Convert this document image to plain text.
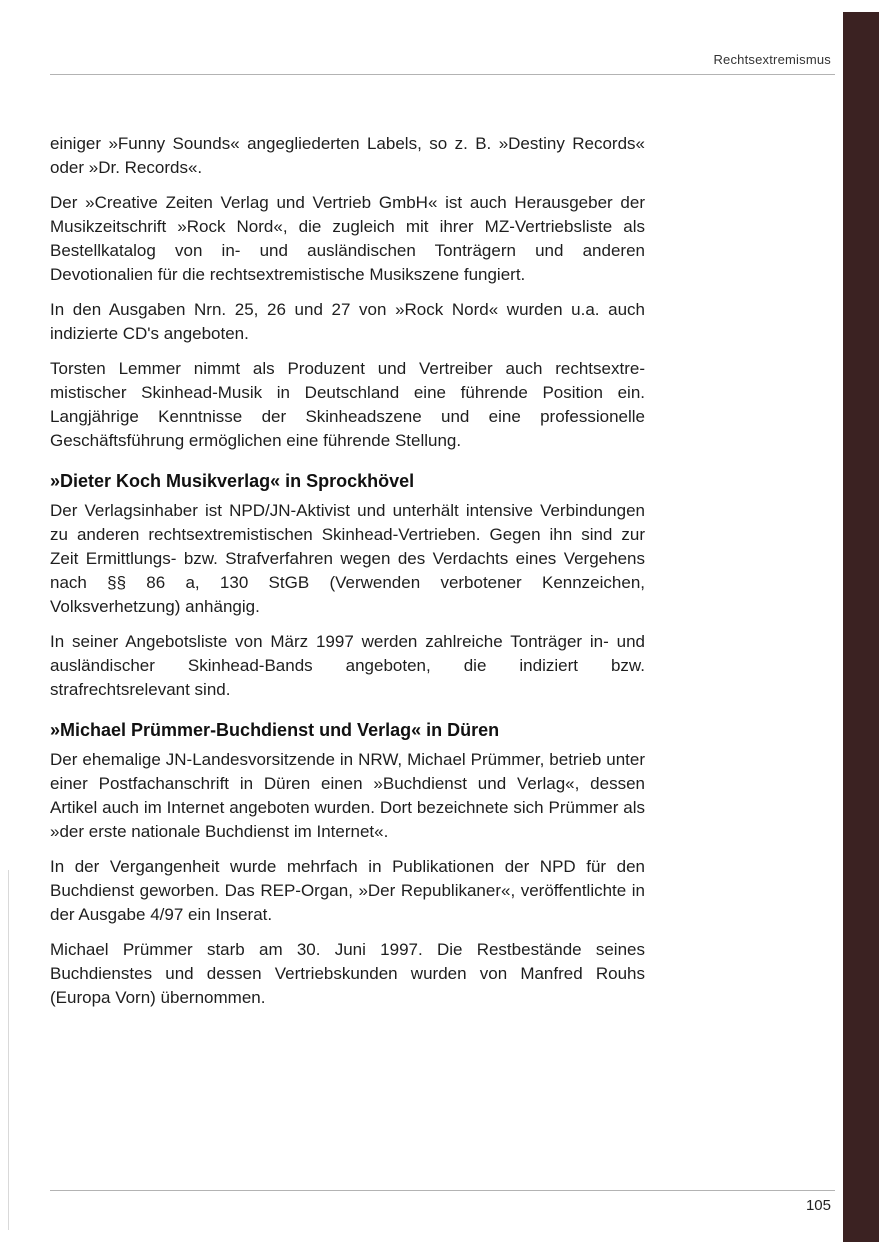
Rechtsextremismus

einiger »Funny Sounds« angegliederten Labels, so z. B. »Destiny Records« oder »Dr. Records«.

Der »Creative Zeiten Verlag und Vertrieb GmbH« ist auch Herausgeber der Musikzeitschrift »Rock Nord«, die zugleich mit ihrer MZ-Vertriebsliste als Bestellkatalog von in- und ausländischen Tonträgern und anderen Devotionalien für die rechtsextremistische Musikszene fungiert.

In den Ausgaben Nrn. 25, 26 und 27 von »Rock Nord« wurden u.a. auch indizierte CD's angeboten.

Torsten Lemmer nimmt als Produzent und Vertreiber auch rechtsextremistischer Skinhead-Musik in Deutschland eine führende Position ein. Langjährige Kenntnisse der Skinheadszene und eine professionelle Geschäftsführung ermöglichen eine führende Stellung.

»Dieter Koch Musikverlag« in Sprockhövel

Der Verlagsinhaber ist NPD/JN-Aktivist und unterhält intensive Verbindungen zu anderen rechtsextremistischen Skinhead-Vertrieben. Gegen ihn sind zur Zeit Ermittlungs- bzw. Strafverfahren wegen des Verdachts eines Vergehens nach §§ 86 a, 130 StGB (Verwenden verbotener Kennzeichen, Volksverhetzung) anhängig.

In seiner Angebotsliste von März 1997 werden zahlreiche Tonträger in- und ausländischer Skinhead-Bands angeboten, die indiziert bzw. strafrechtsrelevant sind.

»Michael Prümmer-Buchdienst und Verlag« in Düren

Der ehemalige JN-Landesvorsitzende in NRW, Michael Prümmer, betrieb unter einer Postfachanschrift in Düren einen »Buchdienst und Verlag«, dessen Artikel auch im Internet angeboten wurden. Dort bezeichnete sich Prümmer als »der erste nationale Buchdienst im Internet«.

In der Vergangenheit wurde mehrfach in Publikationen der NPD für den Buchdienst geworben. Das REP-Organ, »Der Republikaner«, veröffentlichte in der Ausgabe 4/97 ein Inserat.

Michael Prümmer starb am 30. Juni 1997. Die Restbestände seines Buchdienstes und dessen Vertriebskunden wurden von Manfred Rouhs (Europa Vorn) übernommen.

105
